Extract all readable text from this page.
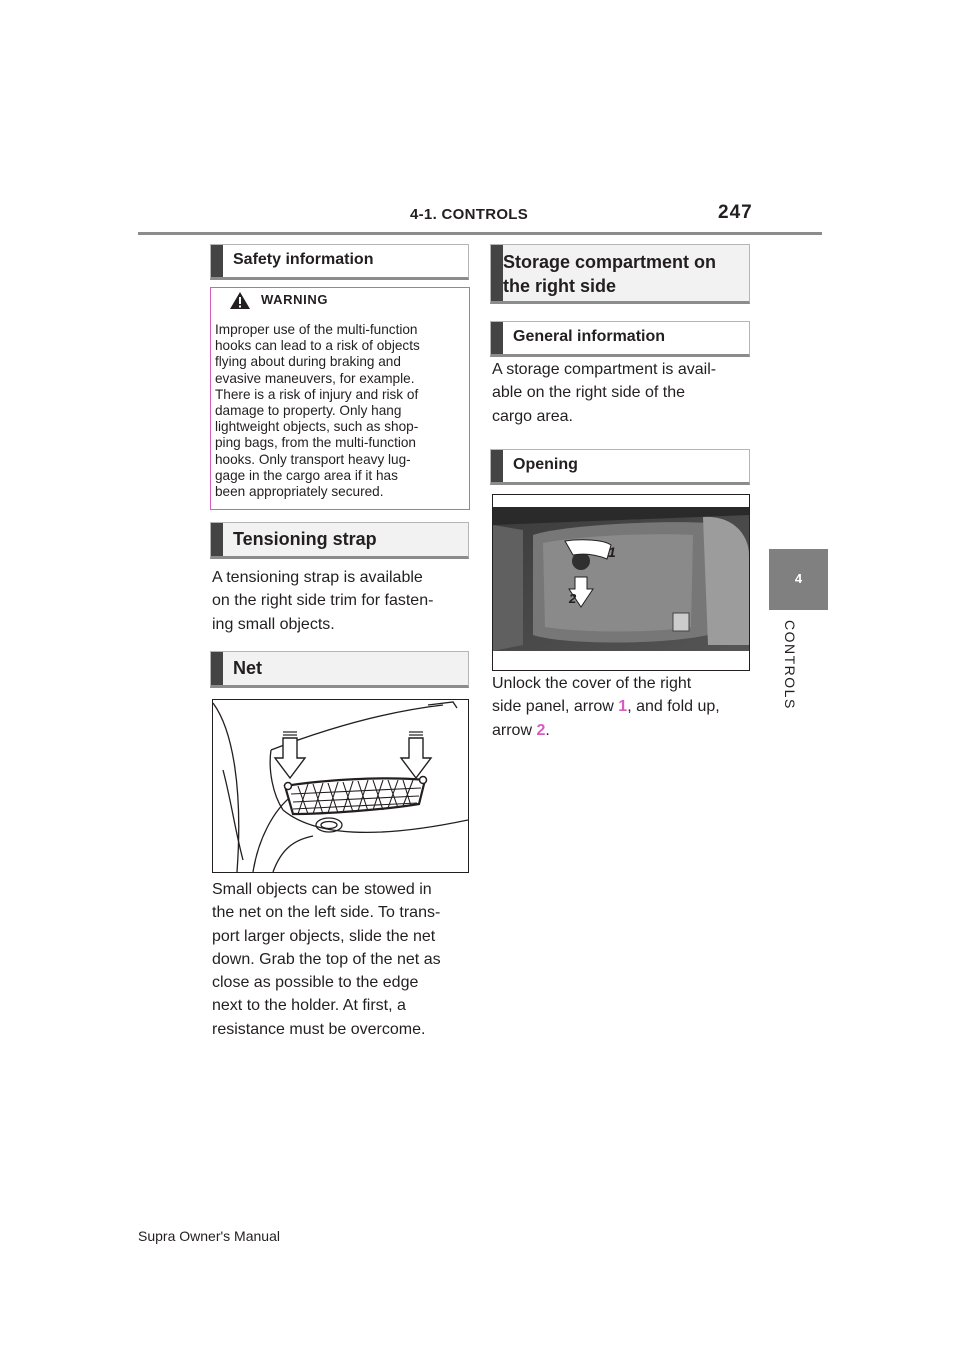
4-1. CONTROLS	247
4
CONTROLS
Safety information
WARNING
Improper use of the multi-function
hooks can lead to a risk of objects
flying about during braking and
evasive maneuvers, for example.
There is a risk of injury and risk of
damage to property. Only hang
lightweight objects, such as shop-
ping bags, from the multi-function
hooks. Only transport heavy lug-
gage in the cargo area if it has
been appropriately secured.
Tensioning strap
A tensioning strap is available
on the right side trim for fasten-
ing small objects.
Net
Small objects can be stowed in
the net on the left side. To trans-
port larger objects, slide the net
down. Grab the top of the net as
close as possible to the edge
next to the holder. At first, a
resistance must be overcome.
Storage compartment on
the right side
General information
A storage compartment is avail-
able on the right side of the
cargo area.
Opening
1
2
Unlock the cover of the right
side panel, arrow 1, and fold up,
arrow 2.
Supra Owner's Manual
